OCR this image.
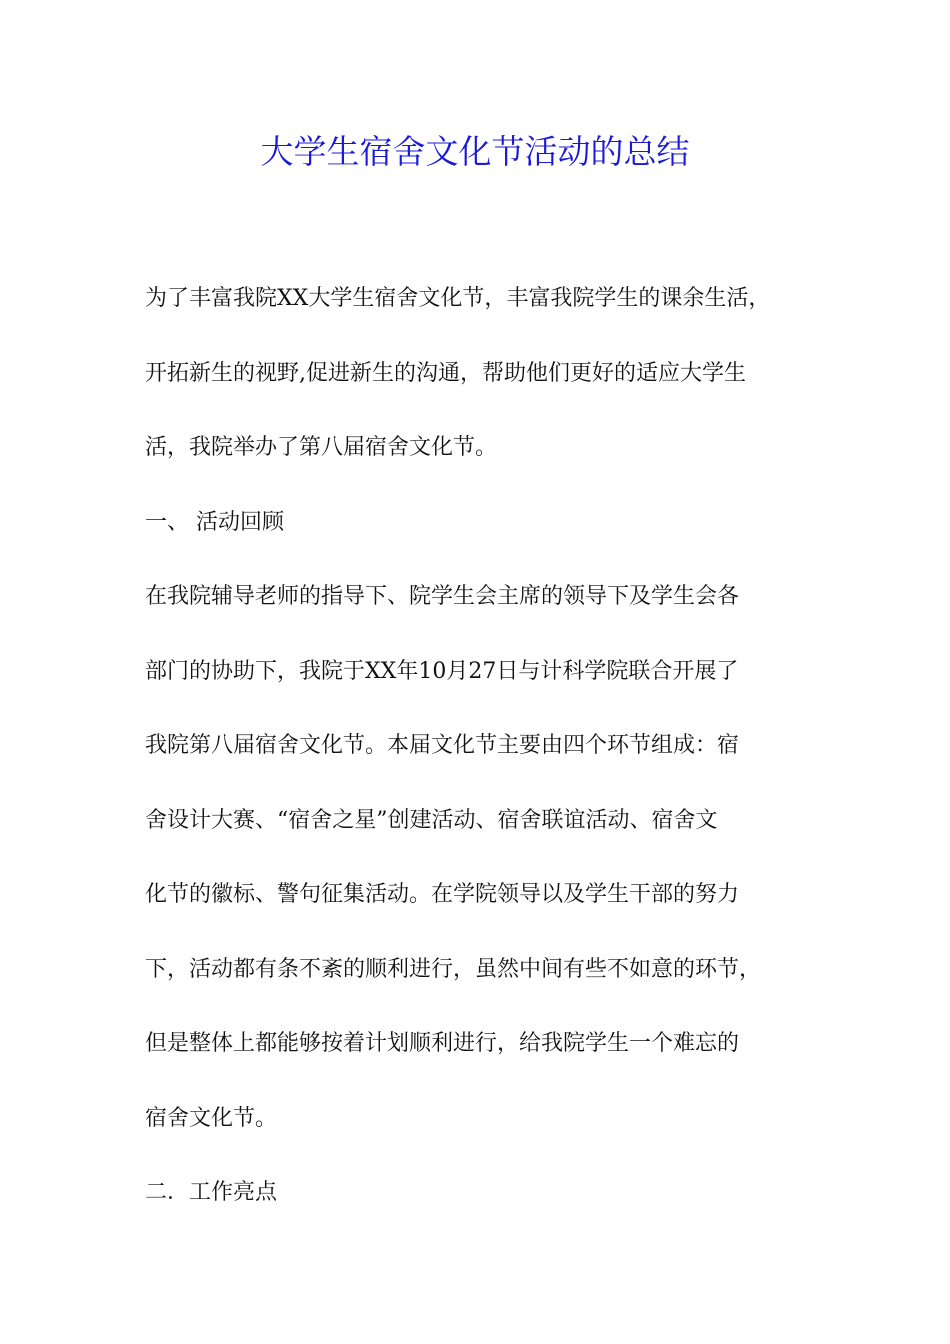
大学生宿舍文化节活动的总结
为了丰富我院XX大学生宿舍文化节，丰富我院学生的课余生活，
开拓新生的视野,促进新生的沟通，帮助他们更好的适应大学生
活，我院举办了第八届宿舍文化节。
一、 活动回顾
在我院辅导老师的指导下、院学生会主席的领导下及学生会各
部门的协助下，我院于XX年10月27日与计科学院联合开展了
我院第八届宿舍文化节。本届文化节主要由四个环节组成：宿
舍设计大赛、“宿舍之星”创建活动、宿舍联谊活动、宿舍文
化节的徽标、警句征集活动。在学院领导以及学生干部的努力
下，活动都有条不紊的顺利进行，虽然中间有些不如意的环节，
但是整体上都能够按着计划顺利进行，给我院学生一个难忘的
宿舍文化节。
二．工作亮点
